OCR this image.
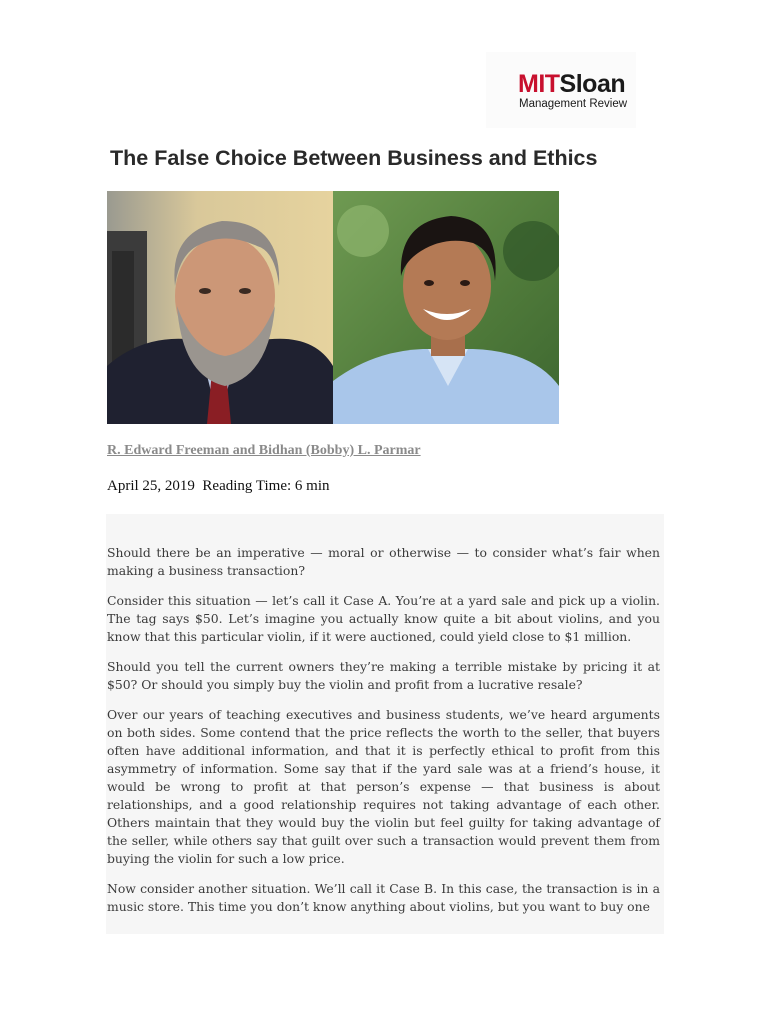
MITSloan
Management Review
The False Choice Between Business and Ethics
R. Edward Freeman and Bidhan (Bobby) L. Parmar
April 25, 2019  Reading Time: 6 min

Should there be an imperative — moral or otherwise — to consider what’s fair when making a business transaction?

Consider this situation — let’s call it Case A. You’re at a yard sale and pick up a violin. The tag says $50. Let’s imagine you actually know quite a bit about violins, and you know that this particular violin, if it were auctioned, could yield close to $1 million.

Should you tell the current owners they’re making a terrible mistake by pricing it at $50? Or should you simply buy the violin and profit from a lucrative resale?

Over our years of teaching executives and business students, we’ve heard arguments on both sides. Some contend that the price reflects the worth to the seller, that buyers often have additional information, and that it is perfectly ethical to profit from this asymmetry of information. Some say that if the yard sale was at a friend’s house, it would be wrong to profit at that person’s expense — that business is about relationships, and a good relationship requires not taking advantage of each other. Others maintain that they would buy the violin but feel guilty for taking advantage of the seller, while others say that guilt over such a transaction would prevent them from buying the violin for such a low price.

Now consider another situation. We’ll call it Case B. In this case, the transaction is in a music store. This time you don’t know anything about violins, but you want to buy one
